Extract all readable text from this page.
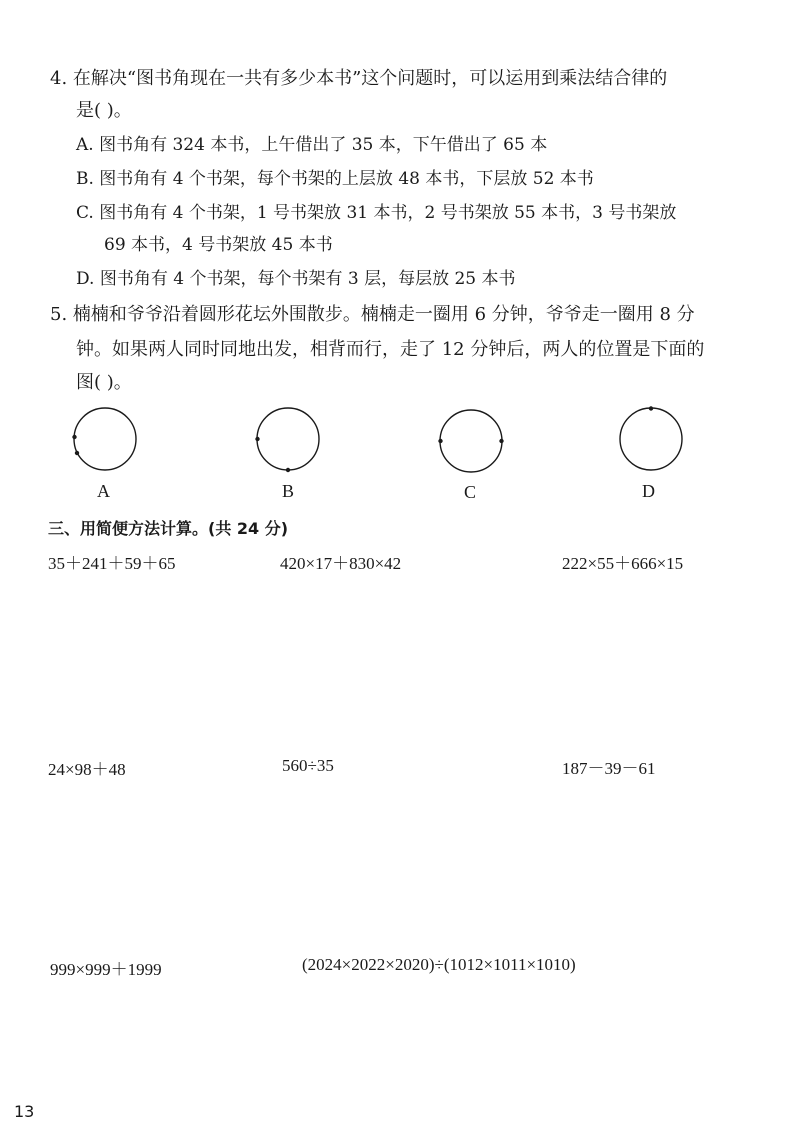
4. 在解决“图书角现在一共有多少本书”这个问题时，可以运用到乘法结合律的
是( )。
A. 图书角有 324 本书，上午借出了 35 本，下午借出了 65 本
B. 图书角有 4 个书架，每个书架的上层放 48 本书，下层放 52 本书
C. 图书角有 4 个书架，1 号书架放 31 本书，2 号书架放 55 本书，3 号书架放
69 本书，4 号书架放 45 本书
D. 图书角有 4 个书架，每个书架有 3 层，每层放 25 本书
5. 楠楠和爷爷沿着圆形花坛外围散步。楠楠走一圈用 6 分钟，爷爷走一圈用 8 分
钟。如果两人同时同地出发，相背而行，走了 12 分钟后，两人的位置是下面的
图( )。
A	B	C	D
三、用简便方法计算。(共 24 分)
35＋241＋59＋65	420×17＋830×42	222×55＋666×15
24×98＋48	560÷35	187－39－61
999×999＋1999	(2024×2022×2020)÷(1012×1011×1010)
13
